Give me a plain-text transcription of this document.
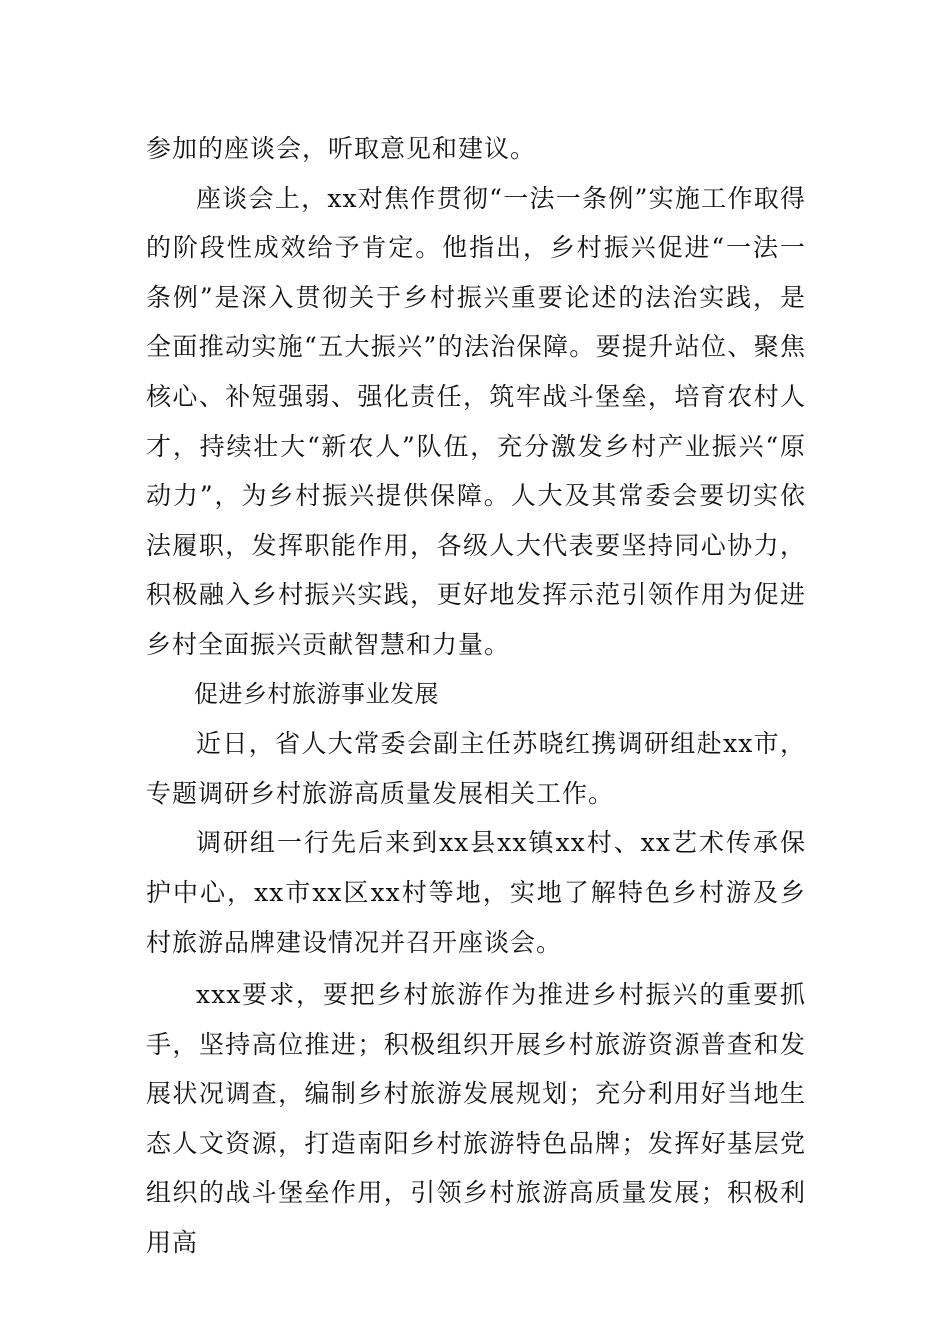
参加的座谈会，听取意见和建议。

座谈会上，xx对焦作贯彻“一法一条例”实施工作取得的阶段性成效给予肯定。他指出，乡村振兴促进“一法一条例”是深入贯彻关于乡村振兴重要论述的法治实践，是全面推动实施“五大振兴”的法治保障。要提升站位、聚焦核心、补短强弱、强化责任，筑牢战斗堡垒，培育农村人才，持续壮大“新农人”队伍，充分激发乡村产业振兴“原动力”，为乡村振兴提供保障。人大及其常委会要切实依法履职，发挥职能作用，各级人大代表要坚持同心协力，积极融入乡村振兴实践，更好地发挥示范引领作用为促进乡村全面振兴贡献智慧和力量。

促进乡村旅游事业发展

近日，省人大常委会副主任苏晓红携调研组赴xx市，专题调研乡村旅游高质量发展相关工作。

调研组一行先后来到xx县xx镇xx村、xx艺术传承保护中心，xx市xx区xx村等地，实地了解特色乡村游及乡村旅游品牌建设情况并召开座谈会。

xxx要求，要把乡村旅游作为推进乡村振兴的重要抓手，坚持高位推进；积极组织开展乡村旅游资源普查和发展状况调查，编制乡村旅游发展规划；充分利用好当地生态人文资源，打造南阳乡村旅游特色品牌；发挥好基层党组织的战斗堡垒作用，引领乡村旅游高质量发展；积极利用高
